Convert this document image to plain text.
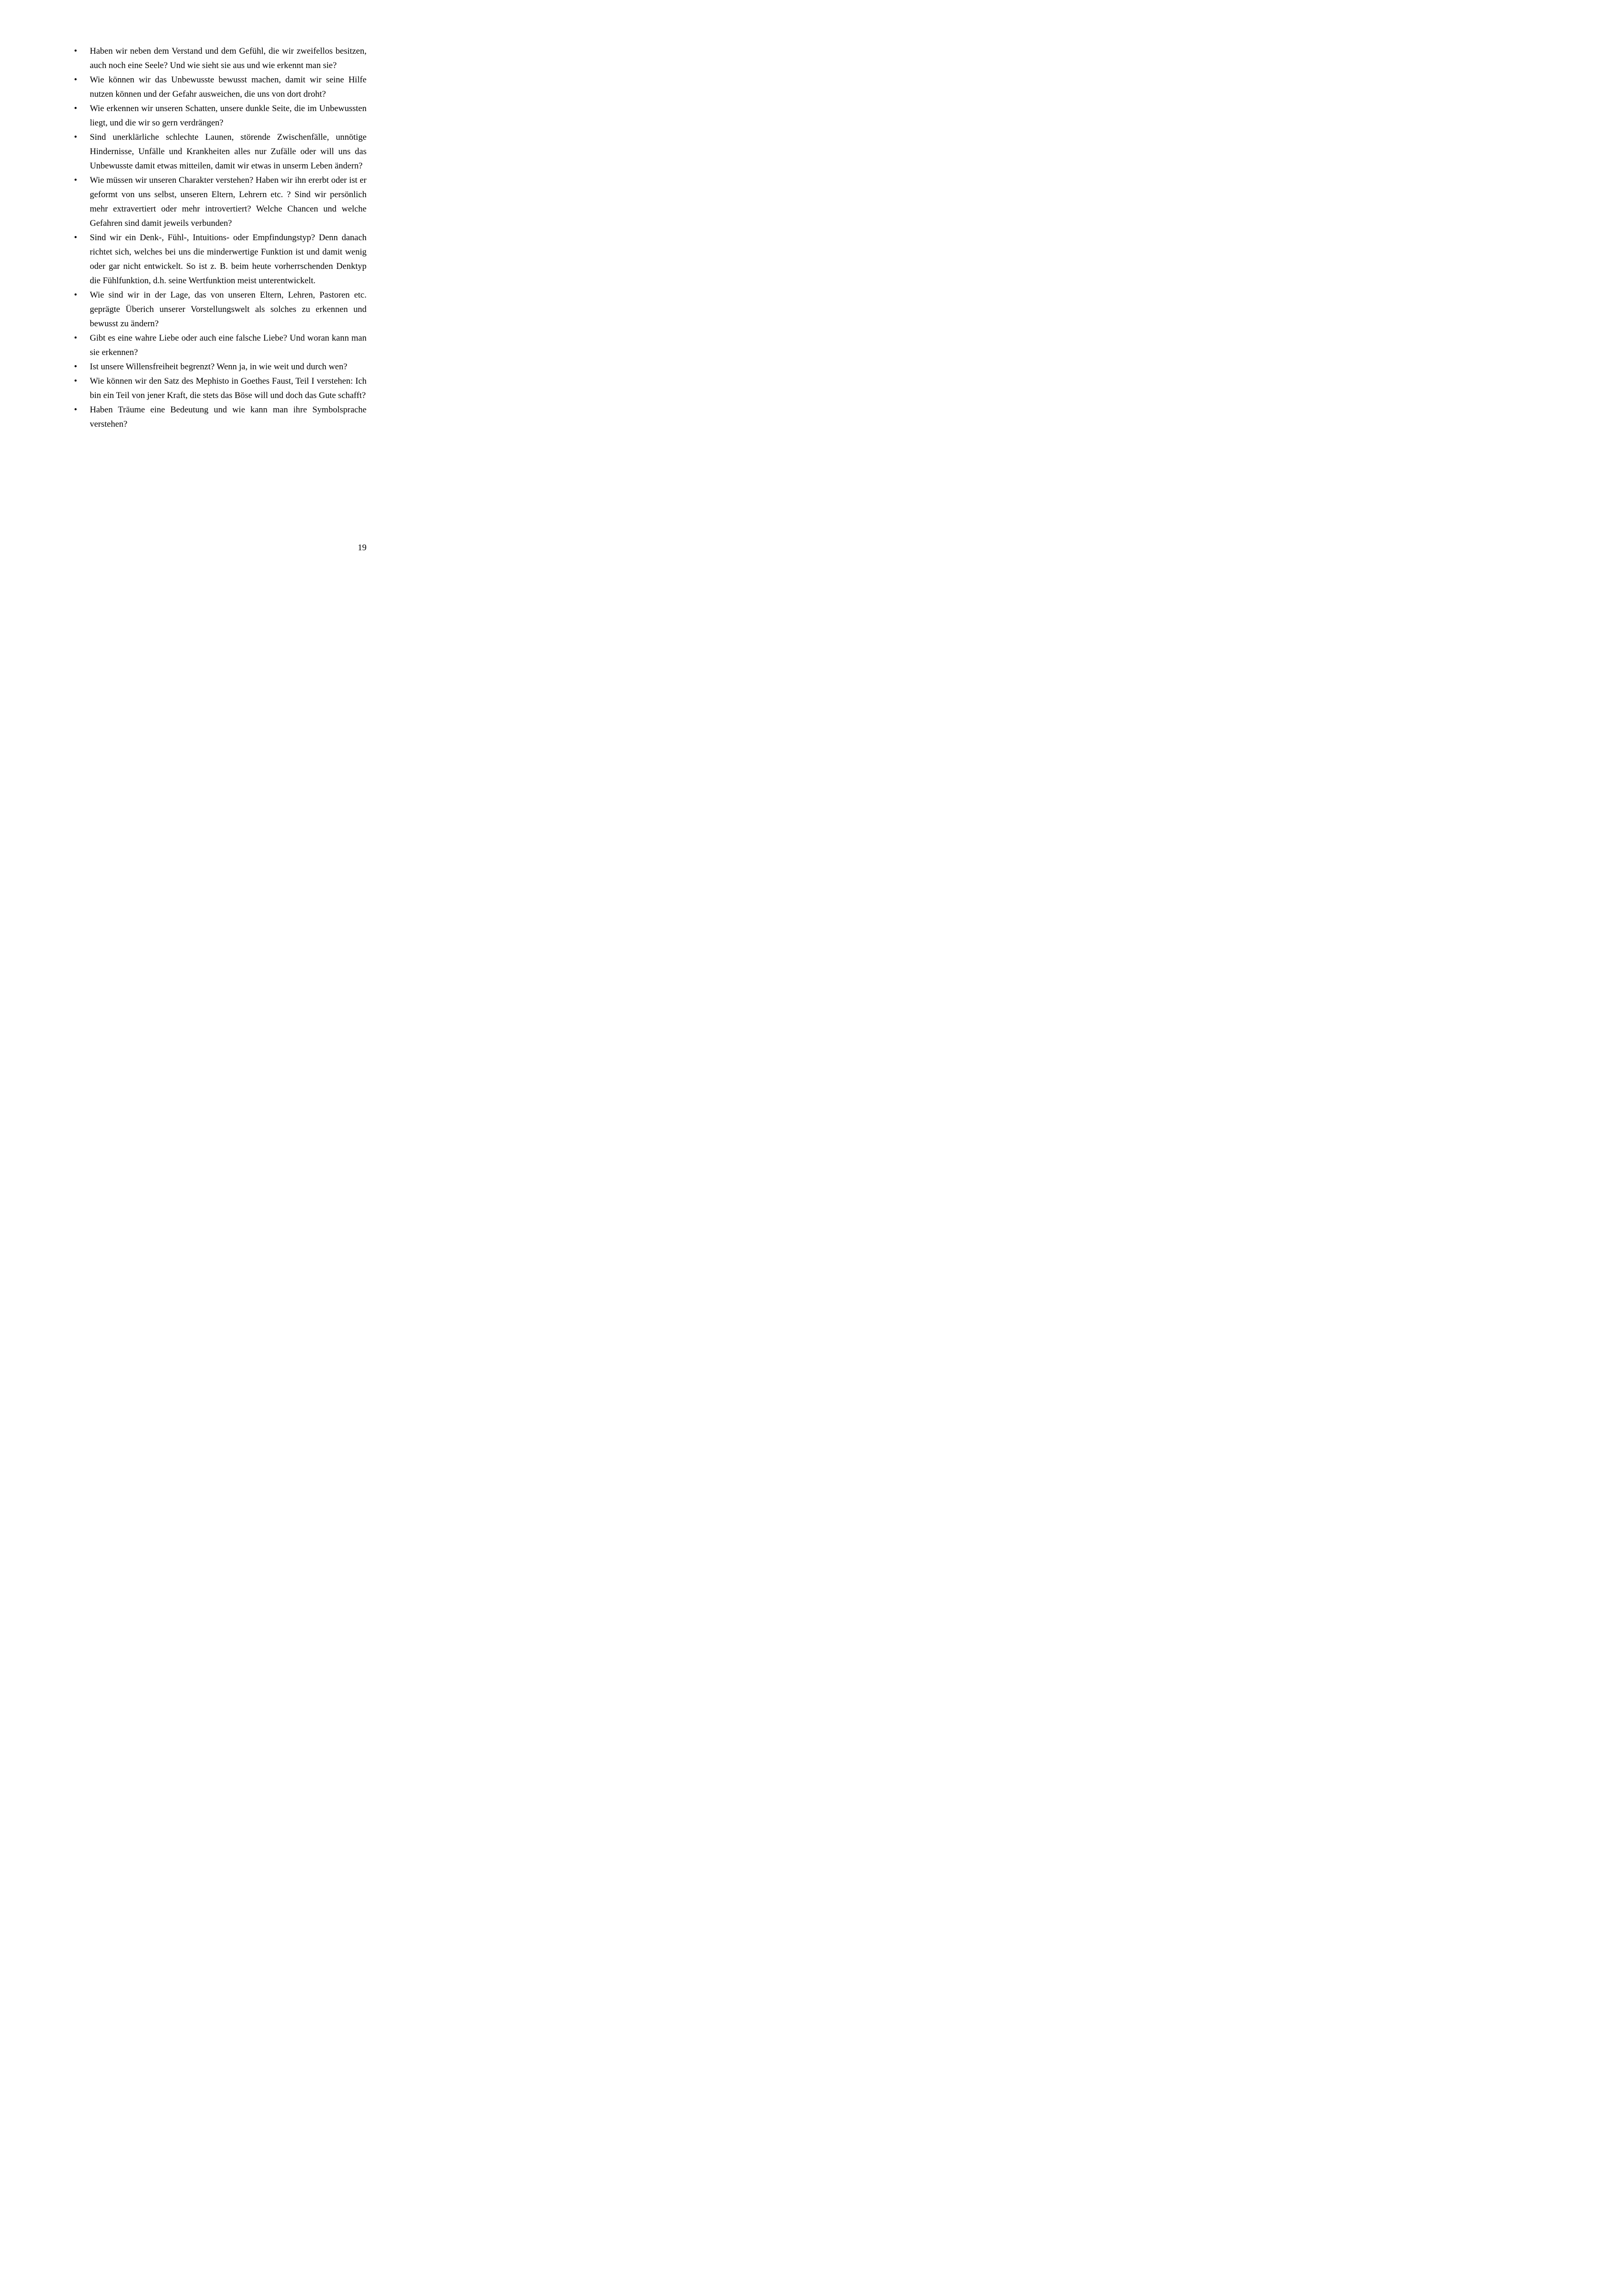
•	Haben wir neben dem Verstand und dem Gefühl, die wir zweifellos besitzen, auch noch eine Seele? Und wie sieht sie aus und wie erkennt man sie?
•	Wie können wir das Unbewusste bewusst machen, damit wir seine Hilfe nutzen können und der Gefahr ausweichen, die uns von dort droht?
•	Wie erkennen wir unseren Schatten, unsere dunkle Seite, die im Unbewussten liegt, und die wir so gern verdrängen?
•	Sind unerklärliche schlechte Launen, störende Zwischenfälle, unnötige Hindernisse, Unfälle und Krankheiten alles nur Zufälle oder will uns das Unbewusste damit etwas mitteilen, damit wir etwas in unserm Leben ändern?
•	Wie müssen wir unseren Charakter verstehen? Haben wir ihn ererbt oder ist er geformt von uns selbst, unseren Eltern, Lehrern etc. ? Sind wir persönlich mehr extravertiert oder mehr introvertiert? Welche Chancen und welche Gefahren sind damit jeweils verbunden?
•	Sind wir ein Denk-, Fühl-, Intuitions- oder Empfindungstyp? Denn danach richtet sich, welches bei uns die minderwertige Funktion ist und damit wenig oder gar nicht entwickelt. So ist z. B. beim heute vorherrschenden Denktyp die Fühlfunktion, d.h. seine Wertfunktion meist unterentwickelt.
•	Wie sind wir in der Lage, das von unseren Eltern, Lehren, Pastoren etc. geprägte Überich unserer Vorstellungswelt als solches zu erkennen und bewusst zu ändern?
•	Gibt es eine wahre Liebe oder auch eine falsche Liebe? Und woran kann man sie erkennen?
•	Ist unsere Willensfreiheit begrenzt? Wenn ja, in wie weit und durch wen?
•	Wie können wir den Satz des Mephisto in Goethes Faust, Teil I verstehen: Ich bin ein Teil von jener Kraft, die stets das Böse will und doch das Gute schafft?
•	Haben Träume eine Bedeutung und wie kann man ihre Symbolsprache verstehen?
19
